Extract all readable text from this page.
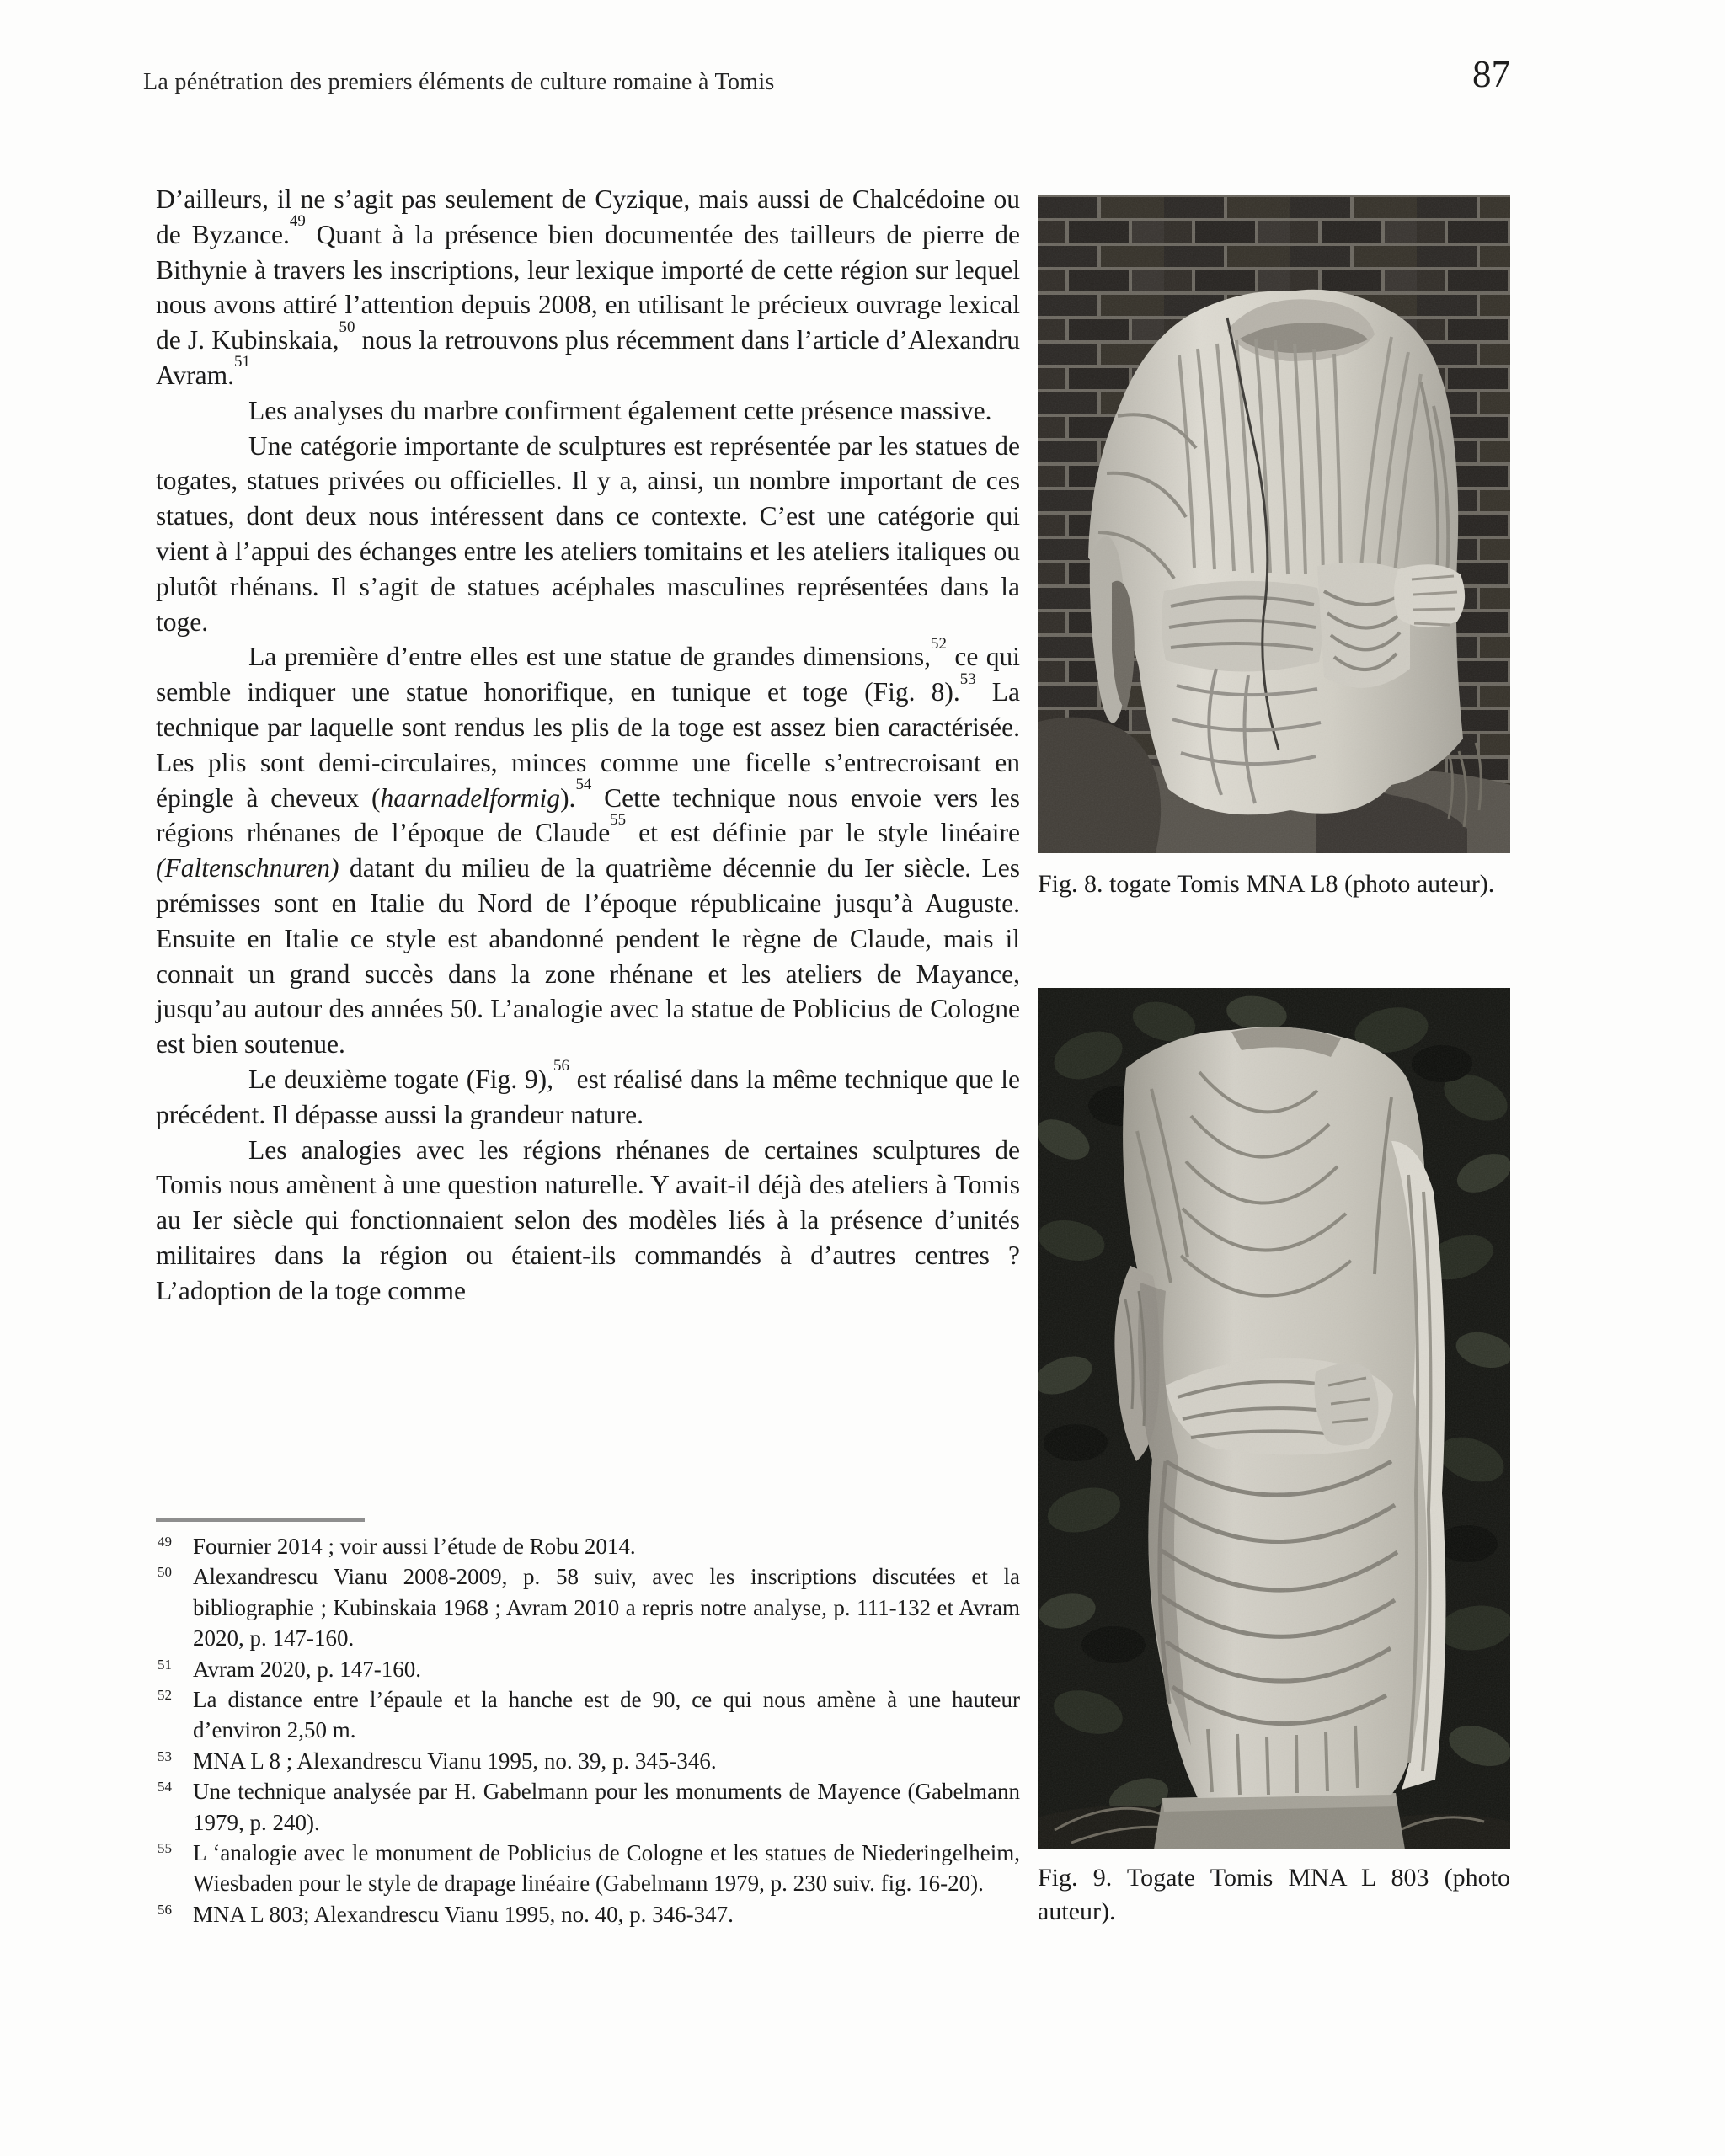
La pénétration des premiers éléments de culture romaine à Tomis	87

D’ailleurs, il ne s’agit pas seulement de Cyzique, mais aussi de Chalcédoine ou de Byzance.$^{49}$ Quant à la présence bien documentée des tailleurs de pierre de Bithynie à travers les inscriptions, leur lexique importé de cette région sur lequel nous avons attiré l’attention depuis 2008, en utilisant le précieux ouvrage lexical de J. Kubinskaia,$^{50}$ nous la retrouvons plus récemment dans l’article d’Alexandru Avram.$^{51}$

Les analyses du marbre confirment également cette présence massive.

Une catégorie importante de sculptures est représentée par les statues de togates, statues privées ou officielles. Il y a, ainsi, un nombre important de ces statues, dont deux nous intéressent dans ce contexte. C’est une catégorie qui vient à l’appui des échanges entre les ateliers tomitains et les ateliers italiques ou plutôt rhénans. Il s’agit de statues acéphales masculines représentées dans la toge.

La première d’entre elles est une statue de grandes dimensions,$^{52}$ ce qui semble indiquer une statue honorifique, en tunique et toge (Fig. 8).$^{53}$ La technique par laquelle sont rendus les plis de la toge est assez bien caractérisée. Les plis sont demi-circulaires, minces comme une ficelle s’entrecroisant en épingle à cheveux (haarnadelformig).$^{54}$ Cette technique nous envoie vers les régions rhénanes de l’époque de Claude$^{55}$ et est définie par le style linéaire (Faltenschnuren) datant du milieu de la quatrième décennie du Ier siècle. Les prémisses sont en Italie du Nord de l’époque républicaine jusqu’à Auguste. Ensuite en Italie ce style est abandonné pendent le règne de Claude, mais il connait un grand succès dans la zone rhénane et les ateliers de Mayance, jusqu’au autour des années 50. L’analogie avec la statue de Poblicius de Cologne est bien soutenue.

Le deuxième togate (Fig. 9),$^{56}$ est réalisé dans la même technique que le précédent. Il dépasse aussi la grandeur nature.

Les analogies avec les régions rhénanes de certaines sculptures de Tomis nous amènent à une question naturelle. Y avait-il déjà des ateliers à Tomis au Ier siècle qui fonctionnaient selon des modèles liés à la présence d’unités militaires dans la région ou étaient-ils commandés à d’autres centres ? L’adoption de la toge comme

49 Fournier 2014 ; voir aussi l’étude de Robu 2014.

50 Alexandrescu Vianu 2008-2009, p. 58 suiv, avec les inscriptions discutées et la bibliographie ; Kubinskaia 1968 ; Avram 2010 a repris notre analyse, p. 111-132 et Avram 2020, p. 147-160.

51 Avram 2020, p. 147-160.

52 La distance entre l’épaule et la hanche est de 90, ce qui nous amène à une hauteur d’environ 2,50 m.

53 MNA L 8 ; Alexandrescu Vianu 1995, no. 39, p. 345-346.

54 Une technique analysée par H. Gabelmann pour les monuments de Mayence (Gabelmann 1979, p. 240).

55 L ‘analogie avec le monument de Poblicius de Cologne et les statues de Niederingelheim, Wiesbaden pour le style de drapage linéaire (Gabelmann 1979, p. 230 suiv. fig. 16-20).

56 MNA L 803; Alexandrescu Vianu 1995, no. 40, p. 346-347.

Fig. 8. togate Tomis MNA L8 (photo auteur).
Fig. 9. Togate Tomis MNA L 803 (photo auteur).
